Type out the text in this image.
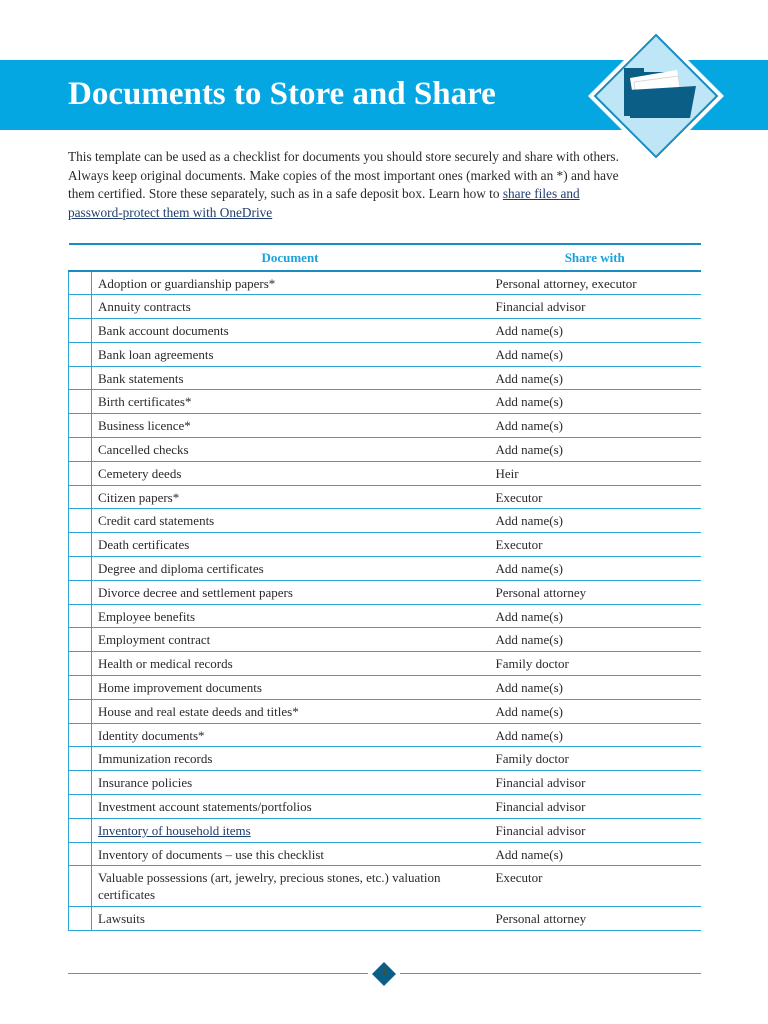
Documents to Store and Share

This template can be used as a checklist for documents you should store securely and share with others. Always keep original documents. Make copies of the most important ones (marked with an *) and have them certified. Store these separately, such as in a safe deposit box. Learn how to share files and password-protect them with OneDrive

	Document	Share with
	Adoption or guardianship papers*	Personal attorney, executor
	Annuity contracts	Financial advisor
	Bank account documents	Add name(s)
	Bank loan agreements	Add name(s)
	Bank statements	Add name(s)
	Birth certificates*	Add name(s)
	Business licence*	Add name(s)
	Cancelled checks	Add name(s)
	Cemetery deeds	Heir
	Citizen papers*	Executor
	Credit card statements	Add name(s)
	Death certificates	Executor
	Degree and diploma certificates	Add name(s)
	Divorce decree and settlement papers	Personal attorney
	Employee benefits	Add name(s)
	Employment contract	Add name(s)
	Health or medical records	Family doctor
	Home improvement documents	Add name(s)
	House and real estate deeds and titles*	Add name(s)
	Identity documents*	Add name(s)
	Immunization records	Family doctor
	Insurance policies	Financial advisor
	Investment account statements/portfolios	Financial advisor
	Inventory of household items	Financial advisor
	Inventory of documents – use this checklist	Add name(s)
	Valuable possessions (art, jewelry, precious stones, etc.) valuation certificates	Executor
	Lawsuits	Personal attorney
1
